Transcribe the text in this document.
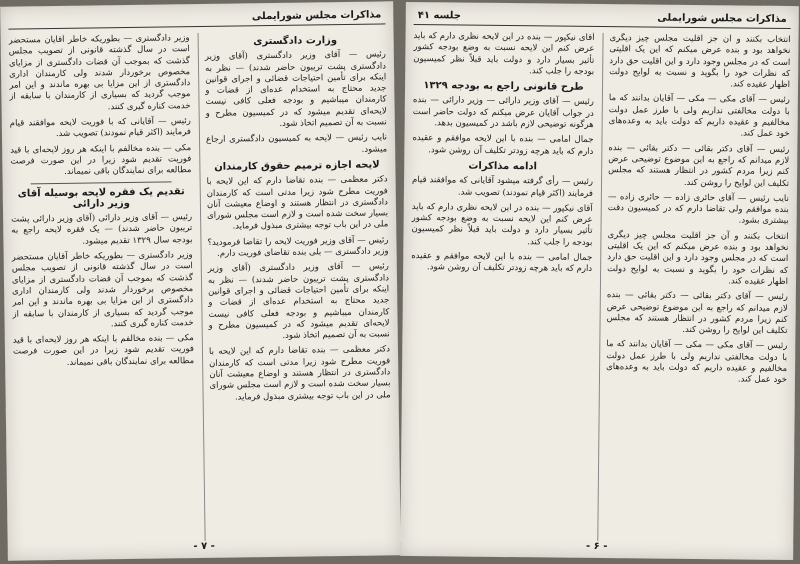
مذاکرات مجلس شورایملی
وزارت دادگستری

رئیس — آقای وزیر دادگستری (آقای وزیر دادگستری پشت تریبون حاضر شدند) — نظر به اینکه برای تأمین احتیاجات قضائی و اجرای قوانین جدید محتاج به استخدام عده‌ای از قضات و کارمندان میباشیم و بودجه فعلی کافی نیست لایحه‌ای تقدیم میشود که در کمیسیون مطرح و نسبت به آن تصمیم اتخاذ شود.

نایب رئیس — لایحه به کمیسیون دادگستری ارجاع میشود.

لایحه اجازه ترمیم حقوق کارمندان

دکتر معظمی — بنده تقاضا دارم که این لایحه با فوریت مطرح شود زیرا مدتی است که کارمندان دادگستری در انتظار هستند و اوضاع معیشت آنان بسیار سخت شده است و لازم است مجلس شورای ملی در این باب توجه بیشتری مبذول فرماید.

رئیس — آقای وزیر فوریت لایحه را تقاضا فرمودید؟ وزیر دادگستری — بلی بنده تقاضای فوریت دارم.

رئیس — آقای وزیر دادگستری (آقای وزیر دادگستری پشت تریبون حاضر شدند) — نظر به اینکه برای تأمین احتیاجات قضائی و اجرای قوانین جدید محتاج به استخدام عده‌ای از قضات و کارمندان میباشیم و بودجه فعلی کافی نیست لایحه‌ای تقدیم میشود که در کمیسیون مطرح و نسبت به آن تصمیم اتخاذ شود.

دکتر معظمی — بنده تقاضا دارم که این لایحه با فوریت مطرح شود زیرا مدتی است که کارمندان دادگستری در انتظار هستند و اوضاع معیشت آنان بسیار سخت شده است و لازم است مجلس شورای ملی در این باب توجه بیشتری مبذول فرماید.

وزیر دادگستری — بطوریکه خاطر آقایان مستحضر است در سال گذشته قانونی از تصویب مجلس گذشت که بموجب آن قضات دادگستری از مزایای مخصوص برخوردار شدند ولی کارمندان اداری دادگستری از این مزایا بی بهره ماندند و این امر موجب گردید که بسیاری از کارمندان با سابقه از خدمت کناره گیری کنند.

رئیس — آقایانی که با فوریت لایحه موافقند قیام فرمایند (اکثر قیام نمودند) تصویب شد.

مکی — بنده مخالفم با اینکه هر روز لایحه‌ای با قید فوریت تقدیم شود زیرا در این صورت فرصت مطالعه برای نمایندگان باقی نمیماند.

تقدیم یک فقره لایحه بوسیله آقای وزیر دارائی

رئیس — آقای وزیر دارائی (آقای وزیر دارائی پشت تریبون حاضر شدند) — یک فقره لایحه راجع به بودجه سال ۱۳۲۹ تقدیم میشود.

وزیر دادگستری — بطوریکه خاطر آقایان مستحضر است در سال گذشته قانونی از تصویب مجلس گذشت که بموجب آن قضات دادگستری از مزایای مخصوص برخوردار شدند ولی کارمندان اداری دادگستری از این مزایا بی بهره ماندند و این امر موجب گردید که بسیاری از کارمندان با سابقه از خدمت کناره گیری کنند.

مکی — بنده مخالفم با اینکه هر روز لایحه‌ای با قید فوریت تقدیم شود زیرا در این صورت فرصت مطالعه برای نمایندگان باقی نمیماند.

- ۷ -
مذاکرات مجلس شورایملی
جلسه ۴۱

انتخاب بکنند و آن جز اقلیت مجلس چیز دیگری نخواهد بود و بنده عرض میکنم که این یک اقلیتی است که در مجلس وجود دارد و این اقلیت حق دارد که نظرات خود را بگوید و نسبت به لوایح دولت اظهار عقیده کند.

رئیس — آقای مکی — مکی — آقایان بدانند که ما با دولت مخالفتی نداریم ولی با طرز عمل دولت مخالفیم و عقیده داریم که دولت باید به وعده‌های خود عمل کند.

رئیس — آقای دکتر بقائی — دکتر بقائی — بنده لازم میدانم که راجع به این موضوع توضیحی عرض کنم زیرا مردم کشور در انتظار هستند که مجلس تکلیف این لوایح را روشن کند.

نایب رئیس — آقای حائری زاده — حائری زاده — بنده موافقم ولی تقاضا دارم که در کمیسیون دقت بیشتری بشود.

انتخاب بکنند و آن جز اقلیت مجلس چیز دیگری نخواهد بود و بنده عرض میکنم که این یک اقلیتی است که در مجلس وجود دارد و این اقلیت حق دارد که نظرات خود را بگوید و نسبت به لوایح دولت اظهار عقیده کند.

رئیس — آقای دکتر بقائی — دکتر بقائی — بنده لازم میدانم که راجع به این موضوع توضیحی عرض کنم زیرا مردم کشور در انتظار هستند که مجلس تکلیف این لوایح را روشن کند.

رئیس — آقای مکی — مکی — آقایان بدانند که ما با دولت مخالفتی نداریم ولی با طرز عمل دولت مخالفیم و عقیده داریم که دولت باید به وعده‌های خود عمل کند.

آقای نیکپور — بنده در این لایحه نظری دارم که باید عرض کنم این لایحه نسبت به وضع بودجه کشور تأثیر بسیار دارد و دولت باید قبلاً نظر کمیسیون بودجه را جلب کند.

طرح قانونی راجع به بودجه ۱۳۲۹

رئیس — آقای وزیر دارائی — وزیر دارائی — بنده در جواب آقایان عرض میکنم که دولت حاضر است هرگونه توضیحی لازم باشد در کمیسیون بدهد.

جمال امامی — بنده با این لایحه موافقم و عقیده دارم که باید هرچه زودتر تکلیف آن روشن شود.

ادامه مذاکرات

رئیس — رأی گرفته میشود آقایانی که موافقند قیام فرمایند (اکثر قیام نمودند) تصویب شد.

آقای نیکپور — بنده در این لایحه نظری دارم که باید عرض کنم این لایحه نسبت به وضع بودجه کشور تأثیر بسیار دارد و دولت باید قبلاً نظر کمیسیون بودجه را جلب کند.

جمال امامی — بنده با این لایحه موافقم و عقیده دارم که باید هرچه زودتر تکلیف آن روشن شود.

- ۶ -
